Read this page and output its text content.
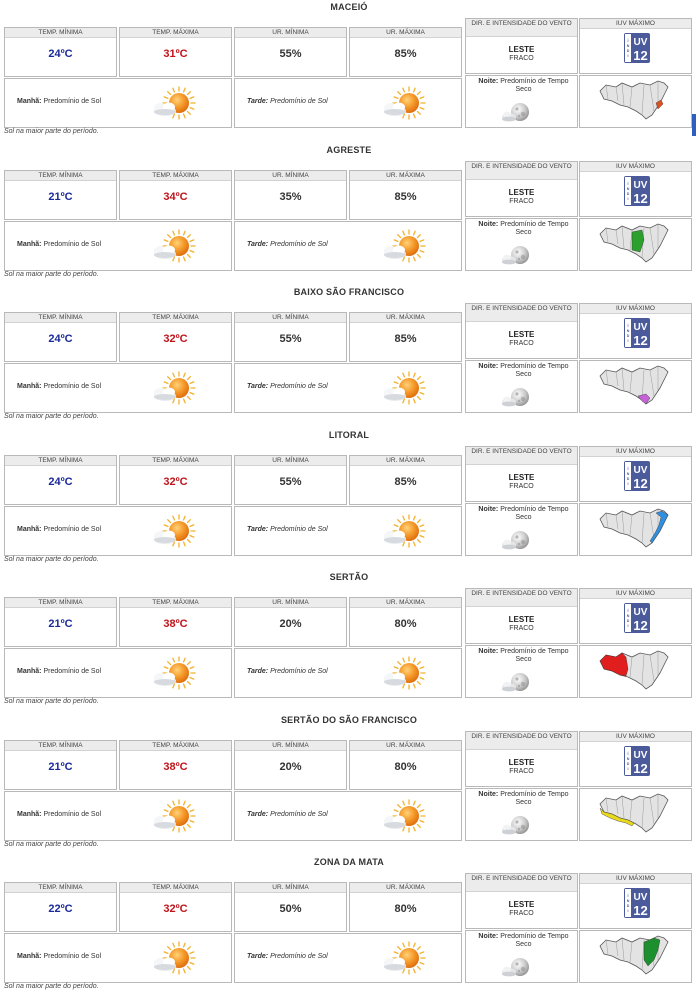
MACEIÓ
TEMP. MÍNIMA
24ºC
TEMP. MÁXIMA
31ºC
UR. MÍNIMA
55%
UR. MÁXIMA
85%
DIR. E INTENSIDADE DO VENTO
LESTE
FRACO
IUV MÁXIMO
Í
N
D
I
UV
12
Manhã: Predomínio de Sol	Tarde: Predomínio de Sol
Noite: Predomínio de Tempo Seco
Sol na maior parte do período.
AGRESTE
TEMP. MÍNIMA
21ºC
TEMP. MÁXIMA
34ºC
UR. MÍNIMA
35%
UR. MÁXIMA
85%
DIR. E INTENSIDADE DO VENTO
LESTE
FRACO
IUV MÁXIMO
Í
N
D
I
UV
12
Manhã: Predomínio de Sol	Tarde: Predomínio de Sol
Noite: Predomínio de Tempo Seco
Sol na maior parte do período.
BAIXO SÃO FRANCISCO
TEMP. MÍNIMA
24ºC
TEMP. MÁXIMA
32ºC
UR. MÍNIMA
55%
UR. MÁXIMA
85%
DIR. E INTENSIDADE DO VENTO
LESTE
FRACO
IUV MÁXIMO
Í
N
D
I
UV
12
Manhã: Predomínio de Sol	Tarde: Predomínio de Sol
Noite: Predomínio de Tempo Seco
Sol na maior parte do período.
LITORAL
TEMP. MÍNIMA
24ºC
TEMP. MÁXIMA
32ºC
UR. MÍNIMA
55%
UR. MÁXIMA
85%
DIR. E INTENSIDADE DO VENTO
LESTE
FRACO
IUV MÁXIMO
Í
N
D
I
UV
12
Manhã: Predomínio de Sol	Tarde: Predomínio de Sol
Noite: Predomínio de Tempo Seco
Sol na maior parte do período.
SERTÃO
TEMP. MÍNIMA
21ºC
TEMP. MÁXIMA
38ºC
UR. MÍNIMA
20%
UR. MÁXIMA
80%
DIR. E INTENSIDADE DO VENTO
LESTE
FRACO
IUV MÁXIMO
Í
N
D
I
UV
12
Manhã: Predomínio de Sol	Tarde: Predomínio de Sol
Noite: Predomínio de Tempo Seco
Sol na maior parte do período.
SERTÃO DO SÃO FRANCISCO
TEMP. MÍNIMA
21ºC
TEMP. MÁXIMA
38ºC
UR. MÍNIMA
20%
UR. MÁXIMA
80%
DIR. E INTENSIDADE DO VENTO
LESTE
FRACO
IUV MÁXIMO
Í
N
D
I
UV
12
Manhã: Predomínio de Sol	Tarde: Predomínio de Sol
Noite: Predomínio de Tempo Seco
Sol na maior parte do período.
ZONA DA MATA
TEMP. MÍNIMA
22ºC
TEMP. MÁXIMA
32ºC
UR. MÍNIMA
50%
UR. MÁXIMA
80%
DIR. E INTENSIDADE DO VENTO
LESTE
FRACO
IUV MÁXIMO
Í
N
D
I
UV
12
Manhã: Predomínio de Sol	Tarde: Predomínio de Sol
Noite: Predomínio de Tempo Seco
Sol na maior parte do período.
